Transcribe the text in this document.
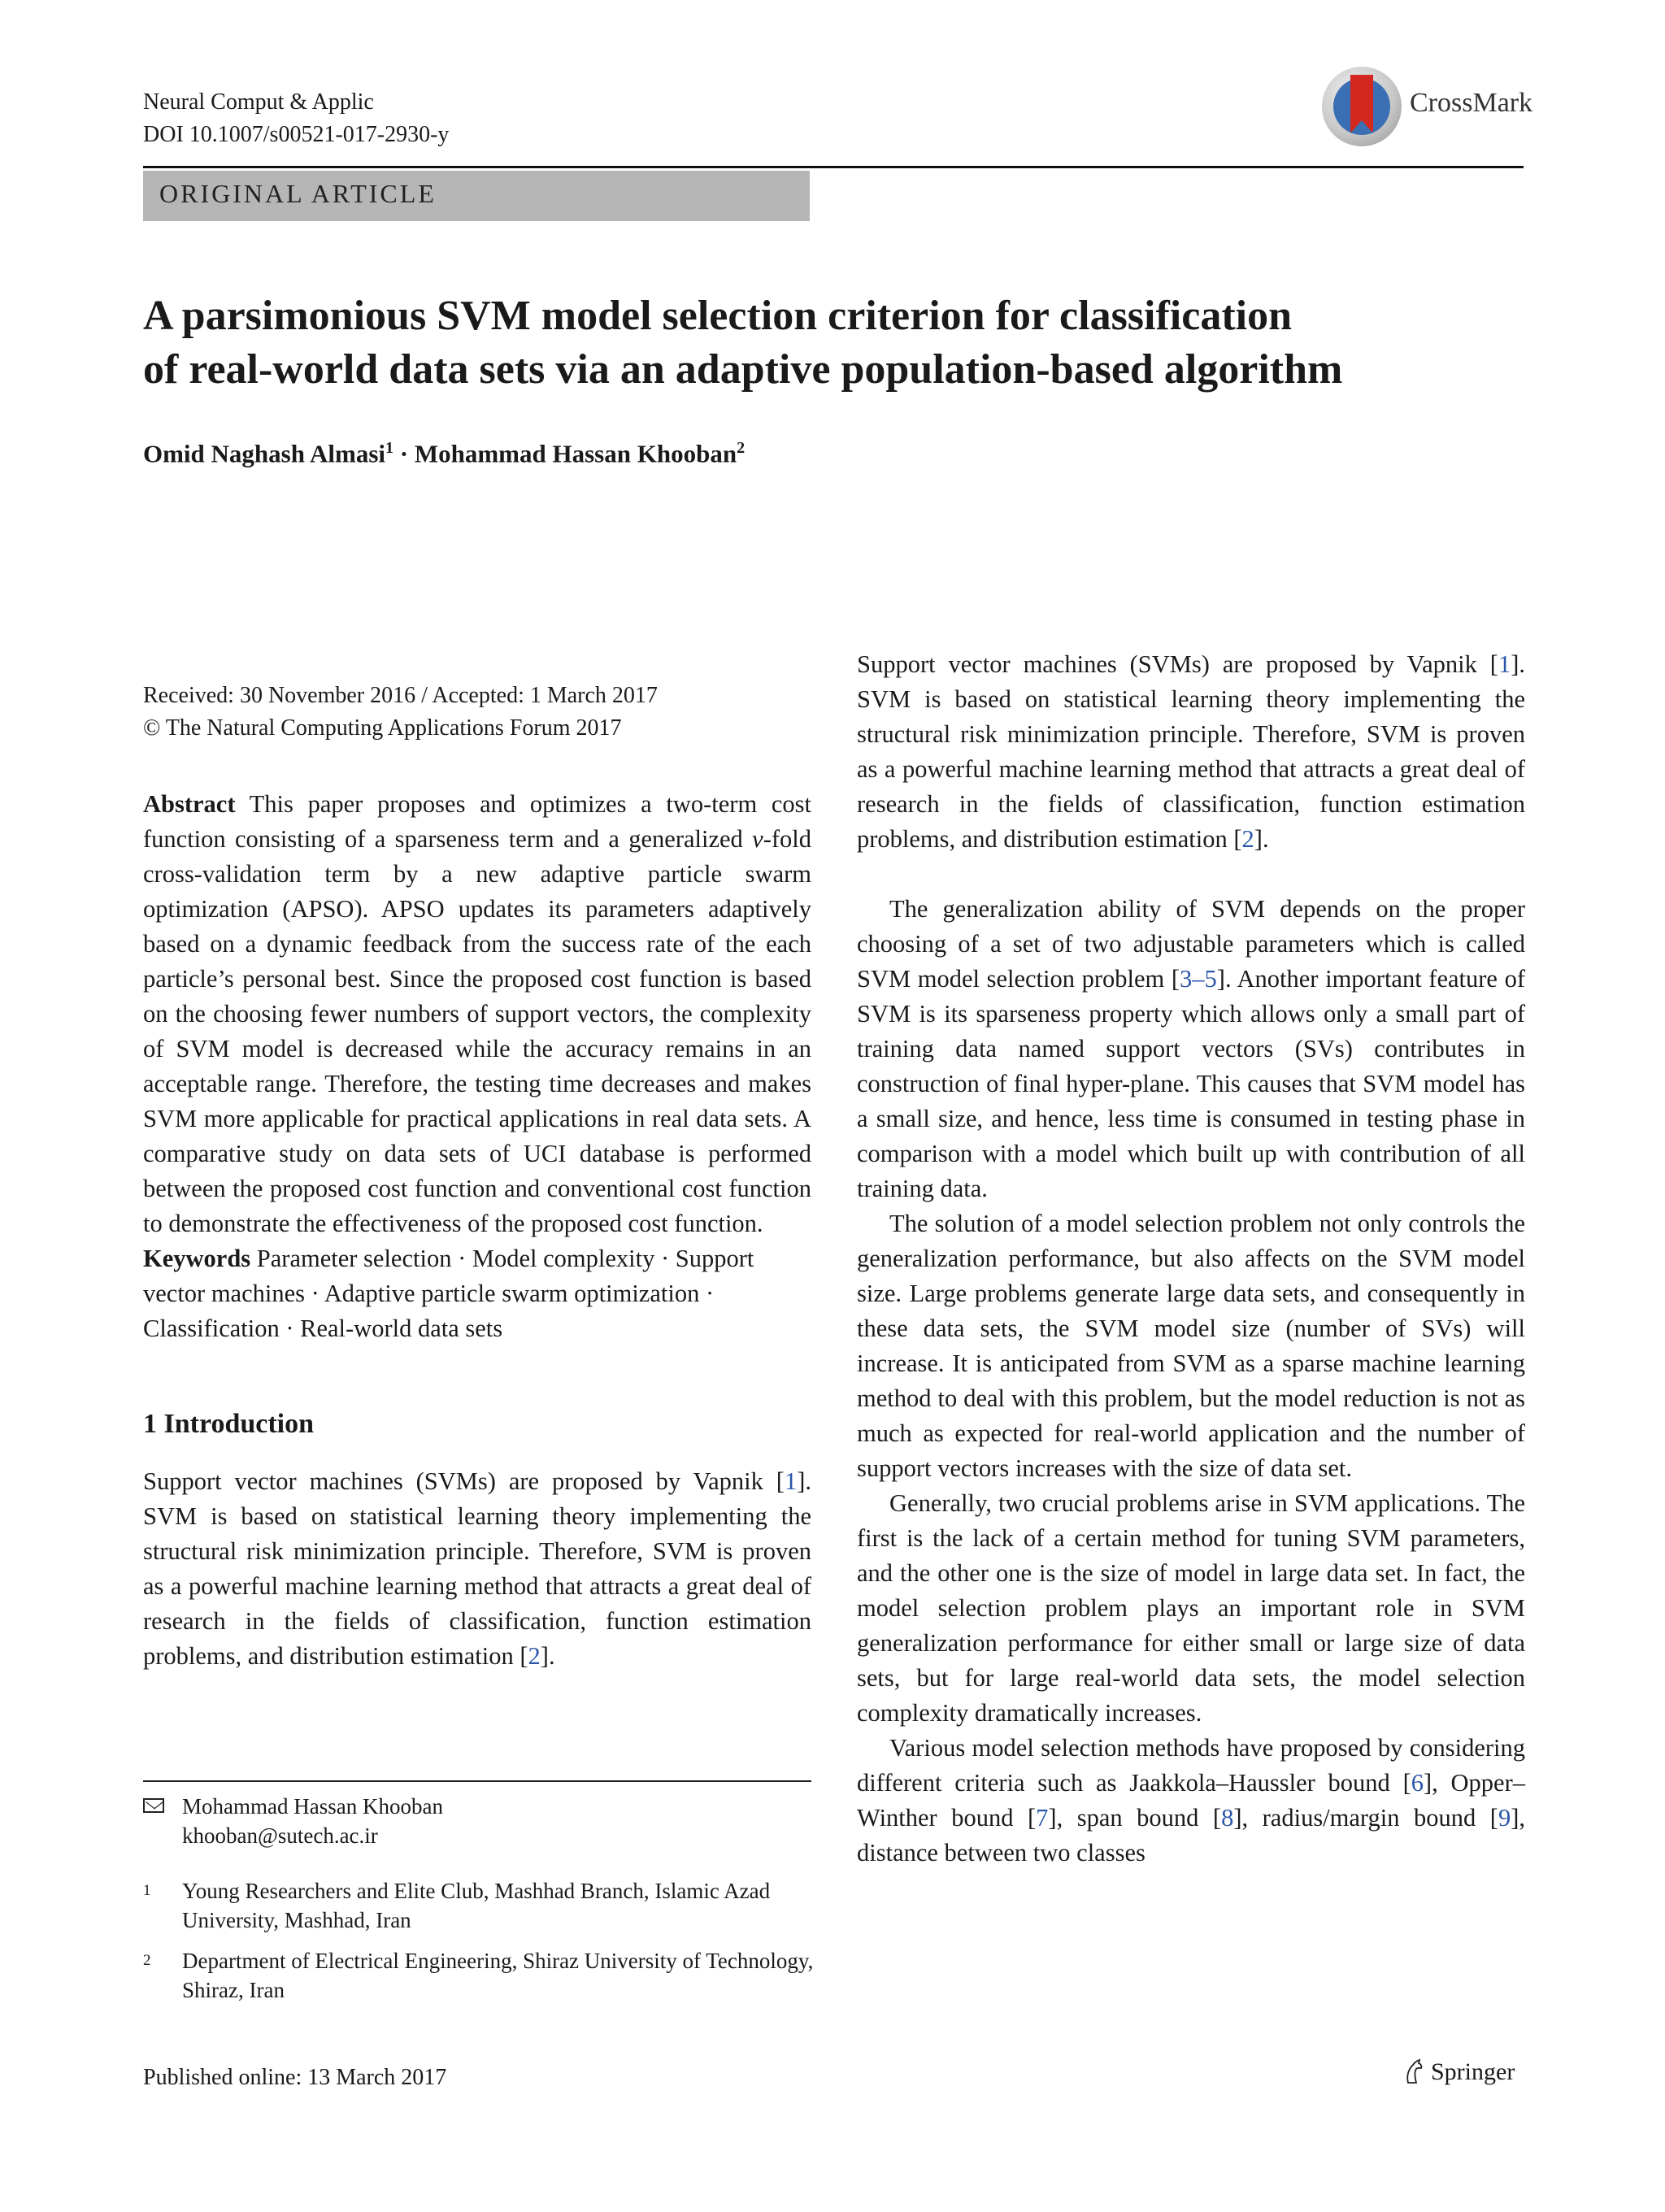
Neural Comput & Applic
DOI 10.1007/s00521-017-2930-y
CrossMark
ORIGINAL ARTICLE
A parsimonious SVM model selection criterion for classification
of real-world data sets via an adaptive population-based algorithm
Omid Naghash Almasi$^1$ · Mohammad Hassan Khooban$^2$
Received: 30 November 2016 / Accepted: 1 March 2017
© The Natural Computing Applications Forum 2017

Abstract This paper proposes and optimizes a two-term cost function consisting of a sparseness term and a generalized v-fold cross-validation term by a new adaptive particle swarm optimization (APSO). APSO updates its parameters adaptively based on a dynamic feedback from the success rate of the each particle’s personal best. Since the proposed cost function is based on the choosing fewer numbers of support vectors, the complexity of SVM model is decreased while the accuracy remains in an acceptable range. Therefore, the testing time decreases and makes SVM more applicable for practical applications in real data sets. A comparative study on data sets of UCI database is performed between the proposed cost function and conventional cost function to demonstrate the effectiveness of the proposed cost function.

Keywords Parameter selection · Model complexity · Support vector machines · Adaptive particle swarm optimization · Classification · Real-world data sets

1 Introduction

Support vector machines (SVMs) are proposed by Vapnik [1]. SVM is based on statistical learning theory implementing the structural risk minimization principle. Therefore, SVM is proven as a powerful machine learning method that attracts a great deal of research in the fields of classification, function estimation problems, and distribution estimation [2].

Support vector machines (SVMs) are proposed by Vapnik [1]. SVM is based on statistical learning theory implementing the structural risk minimization principle. Therefore, SVM is proven as a powerful machine learning method that attracts a great deal of research in the fields of classification, function estimation problems, and distribution estimation [2].

The generalization ability of SVM depends on the proper choosing of a set of two adjustable parameters which is called SVM model selection problem [3–5]. Another important feature of SVM is its sparseness property which allows only a small part of training data named support vectors (SVs) contributes in construction of final hyper-plane. This causes that SVM model has a small size, and hence, less time is consumed in testing phase in comparison with a model which built up with contribution of all training data.

The solution of a model selection problem not only controls the generalization performance, but also affects on the SVM model size. Large problems generate large data sets, and consequently in these data sets, the SVM model size (number of SVs) will increase. It is anticipated from SVM as a sparse machine learning method to deal with this problem, but the model reduction is not as much as expected for real-world application and the number of support vectors increases with the size of data set.

Generally, two crucial problems arise in SVM applications. The first is the lack of a certain method for tuning SVM parameters, and the other one is the size of model in large data set. In fact, the model selection problem plays an important role in SVM generalization performance for either small or large size of data sets, but for large real-world data sets, the model selection complexity dramatically increases.

Various model selection methods have proposed by considering different criteria such as Jaakkola–Haussler bound [6], Opper–Winther bound [7], span bound [8], radius/margin bound [9], distance between two classes

Mohammad Hassan Khooban
khooban@sutech.ac.ir
1 Young Researchers and Elite Club, Mashhad Branch, Islamic Azad University, Mashhad, Iran
2 Department of Electrical Engineering, Shiraz University of Technology, Shiraz, Iran
Published online: 13 March 2017	Springer
